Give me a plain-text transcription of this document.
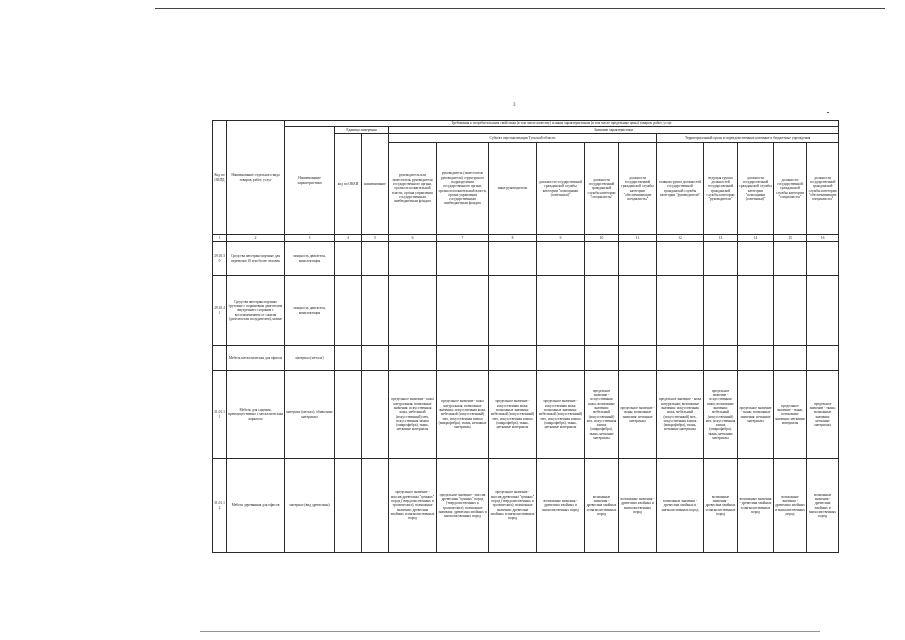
3
Код по ОКПД	Наименование отдельного вида товаров, работ, услуг	Требования к потребительским свойствам (в том числе качеству) и иным характеристикам (в том числе предельные цены) товаров, работ, услуг													
		Наименование характеристики	Единица измерения		Значение характеристики										
			код по ОКЕИ	наименование	Субъект персонализации Тульской области						Территориальный орган и подведомственные казенные и бюджетные учреждения				
					руководитель или заместитель руководителя государственного органа, органа исполнительной власти, органа управления государственным внебюджетным фондом	руководитель (заместитель руководителя) структурного подразделения государственного органа, органа исполнительной власти, органа управления государственным внебюджетным фондом	иные руководители	должности государственной гражданской службы категории "помощники (советники)"	должности государственной гражданской службы категории "специалисты"	должности государственной гражданской службы категории "обеспечивающие специалисты"	главная группа должностей государственной гражданской службы категории "руководители"	ведущая группа должностей государственной гражданской службы категории "руководители"	должности государственной гражданской службы категории "помощники (советники)"	должности государственной гражданской службы категории "специалисты"	должности государственной гражданской службы категории "обеспечивающие специалисты"
1	2	3	4	5	6	7	8	9	10	11	12	13	14	15	16
29.10.30	Средства автотранспортные для перевозки 10 или более человек	мощность двигателя, комплектация													
29.10.41	Средства автотранспортные грузовые с поршневым двигателем внутреннего сгорания с воспламенением от сжатия (дизелем или полудизелем), новые	мощность двигателя, комплектация													
	Мебель металлическая для офисов	материал (металл)													
31.01.11	Мебель для сидения, преимущественно с металлическим каркасом	материал (металл), обивочные материалы			предельное значение - кожа натуральная; возможные значения: искусственная кожа, мебельный (искусственный) мех, искусственная замша (микрофибра), ткань, нетканые материалы	предельное значение - кожа натуральная; возможные значения: искусственная кожа, мебельный (искусственный) мех, искусственная замша (микрофибра), ткань, нетканые материалы	предельное значение - искусственная кожа; возможные значения: мебельный (искусственный) мех, искусственная замша (микрофибра), ткань, нетканые материалы	предельное значение - искусственная кожа; возможные значения: мебельный (искусственный) мех, искусственная замша (микрофибра), ткань, нетканые материалы	предельное значение - искусственная кожа; возможные значения: мебельный (искусственный) мех, искусственная замша (микрофибра), ткань, нетканые материалы	предельное значение - ткань; возможные значения: нетканые материалы	предельное значение - кожа натуральная; возможные значения: искусственная кожа, мебельный (искусственный) мех, искусственная замша (микрофибра), ткань, нетканые материалы	предельное значение - искусственная кожа; возможные значения: мебельный (искусственный) мех, искусственная замша (микрофибра), ткань, нетканые материалы	предельное значение - ткань; возможные значения: нетканые материалы	предельное значение - ткань; возможные значения: нетканые материалы	предельное значение - ткань; возможные значения: нетканые материалы
31.01.12	Мебель деревянная для офисов	материал (вид древесины)			предельное значение - массив древесины "ценных" пород (твердолиственных и тропических); возможные значения: древесина хвойных и мягколиственных пород	предельное значение - массив древесины "ценных" пород (твердолиственных и тропических); возможные значения: древесина хвойных и мягколиственных пород	предельное значение - массив древесины "ценных" пород (твердолиственных и тропических); возможные значения: древесина хвойных и мягколиственных пород	возможные значения - древесина хвойных и мягколиственных пород	возможные значения - древесина хвойных и мягколиственных пород	возможные значения - древесина хвойных и мягколиственных пород	возможные значения - древесина хвойных и мягколиственных пород	возможные значения - древесина хвойных и мягколиственных пород	возможные значения - древесина хвойных и мягколиственных пород	возможные значения - древесина хвойных и мягколиственных пород	возможные значения - древесина хвойных и мягколиственных пород
